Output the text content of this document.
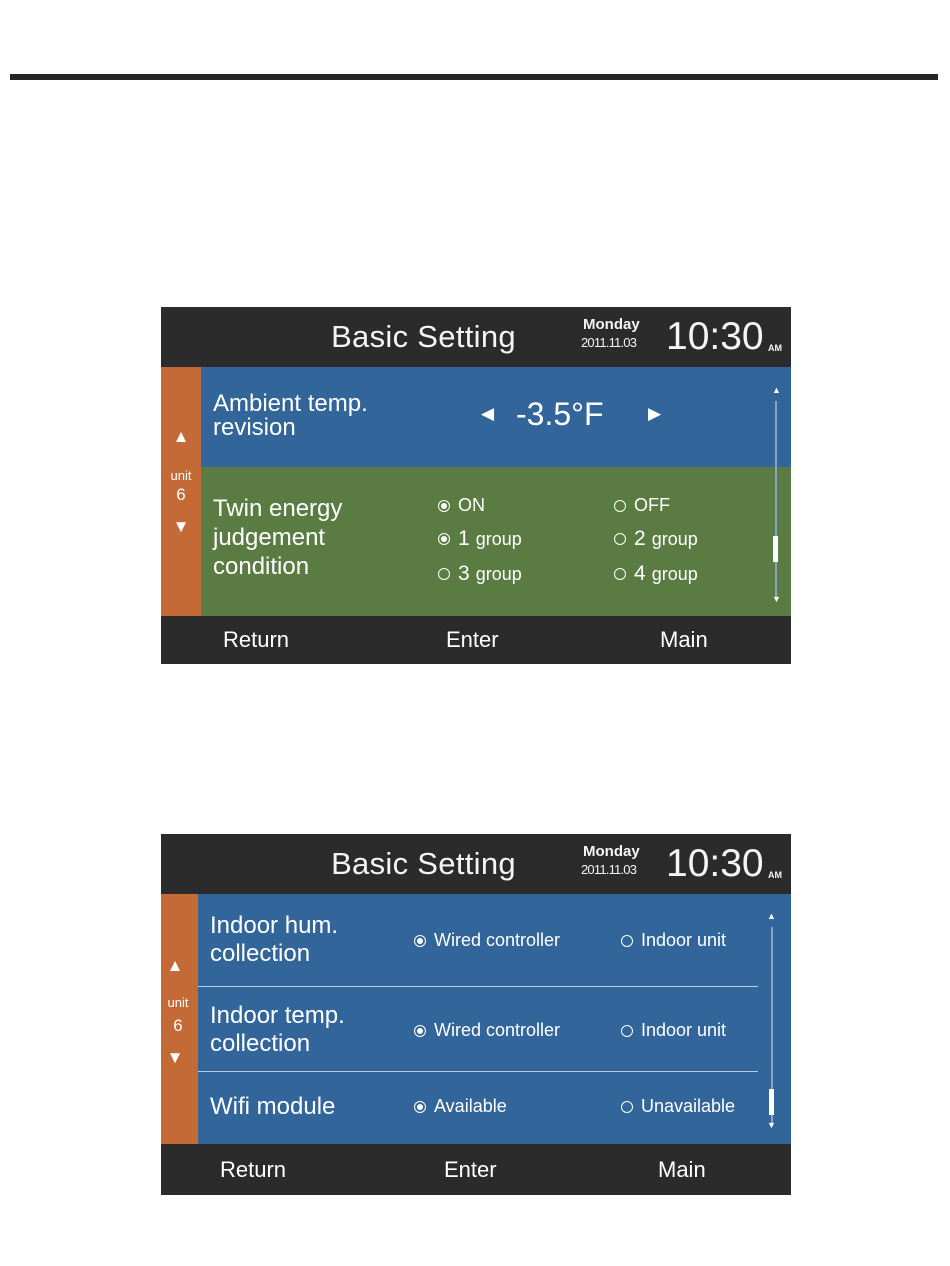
Basic Setting	Monday
2011.11.03 10:30 AM
▲
unit
6
▼
Ambient temp.
revision
◀ -3.5°F	▶
Twin energy
judgement
condition
ON	OFF
1 group	2 group
3 group	4 group
▲
▼
Return	Enter	Main
Basic Setting	Monday
2011.11.03 10:30 AM
▲
unit
6
▼
Indoor hum.
collection	Wired controller	Indoor unit
Indoor temp.
collection	Wired controller	Indoor unit
Wifi module	Available	Unavailable
▲
▼
Return	Enter	Main
